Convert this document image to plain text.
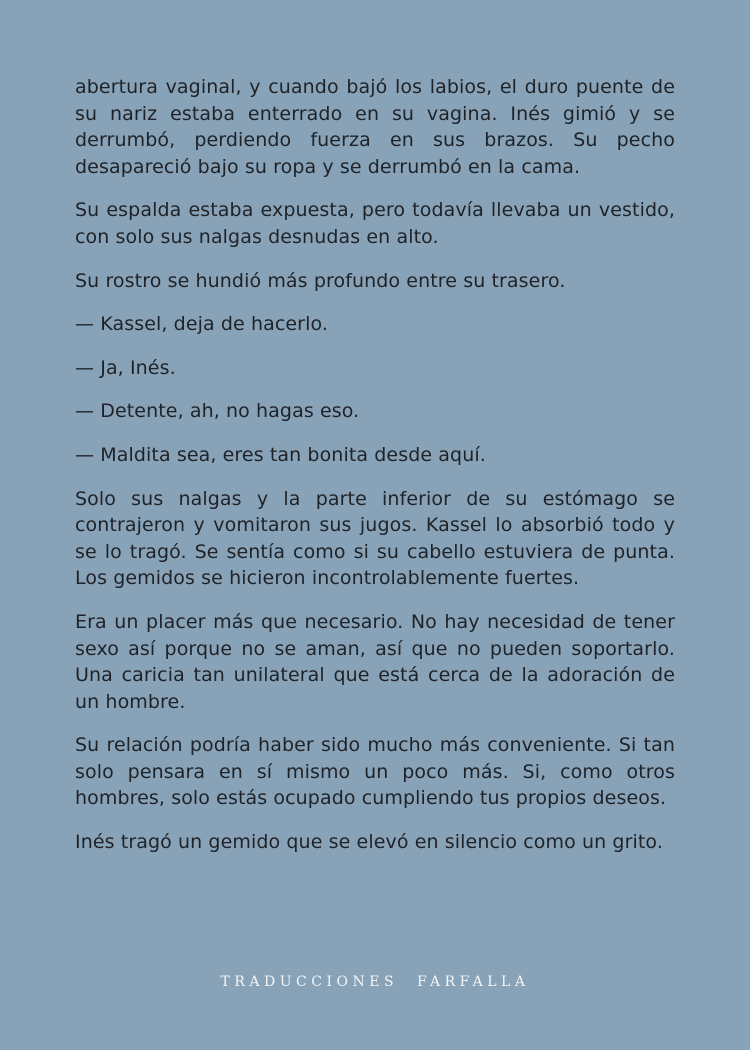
abertura vaginal, y cuando bajó los labios, el duro puente de su nariz estaba enterrado en su vagina. Inés gimió y se derrumbó, perdiendo fuerza en sus brazos. Su pecho desapareció bajo su ropa y se derrumbó en la cama.

Su espalda estaba expuesta, pero todavía llevaba un vestido, con solo sus nalgas desnudas en alto.

Su rostro se hundió más profundo entre su trasero.

— Kassel, deja de hacerlo.

— Ja, Inés.

— Detente, ah, no hagas eso.

— Maldita sea, eres tan bonita desde aquí.

Solo sus nalgas y la parte inferior de su estómago se contrajeron y vomitaron sus jugos. Kassel lo absorbió todo y se lo tragó. Se sentía como si su cabello estuviera de punta. Los gemidos se hicieron incontrolablemente fuertes.

Era un placer más que necesario. No hay necesidad de tener sexo así porque no se aman, así que no pueden soportarlo. Una caricia tan unilateral que está cerca de la adoración de un hombre.

Su relación podría haber sido mucho más conveniente. Si tan solo pensara en sí mismo un poco más. Si, como otros hombres, solo estás ocupado cumpliendo tus propios deseos.

Inés tragó un gemido que se elevó en silencio como un grito.

TRADUCCIONES FARFALLA
